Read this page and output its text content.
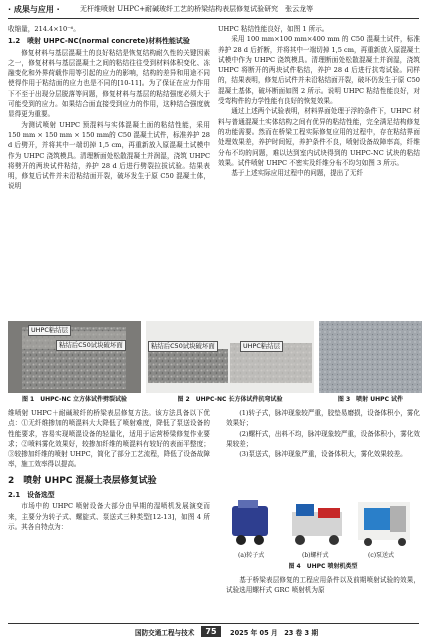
· 成果与应用 ·	无杆维喷射 UHPC+耐碱玻纤工艺的桥梁结构表层修复试验研究　张云龙等

收缩量，214.4×10⁻⁶。

1.2　喷射 UHPC-NC(normal concrete)材料性能试验

修复材料与基层混凝土的良好粘结是恢复结构耐久性的关键因素之一，修复材料与基层混凝土之间的粘结往往受到材料体积变化、冻融变化和外界荷载作用等引起的应力的影响，结构的差异和用途不同使得作用于粘结面的应力也是不同的[10-11]。为了保证在应力作用下不至于出现分层脱落等问题，修复材料与基层的粘结强度必须大于可能受到的应力。如果结合面直接受到应力的作用，这种结合强度就显得更为重要。

为测试喷射 UHPC 预混料与实体混凝土面的粘结性能，采用 150 mm × 150 mm × 150 mm的 C50 混凝土试件，标准养护 28 d 后劈开，并将其中一端切掉 1,5 cm，再重新放入原混凝土试模中作为 UHPC 浇筑模具。清理断面处松散混凝土并润湿，浇筑 UHPC 将劈开的两块试件粘结，养护 28 d 后进行劈裂拉拔试验。结果表明，修复后试件并未沿粘结面开裂，破坏发生于原 C50 混凝土体，说明

UHPC 粘结性能良好，如图 1 所示。

采用 100 mm×100 mm×400 mm 的 C50 混凝土试件，标准养护 28 d 后折断，并将其中一端切掉 1,5 cm，再重新放入原混凝土试模中作为 UHPC 浇筑模具。清理断面处松散混凝土并润湿，浇筑 UHPC 将断开的两块试件粘结，养护 28 d 后进行抗弯试验。同样的，结果表明，修复后试件并未沿粘结面开裂，破坏仍发生于原 C50 混凝土基体，破坏断面如图 2 所示。说明 UHPC 粘结性能良好，对受弯构件的力学性能有良好的恢复效果。

通过上述两个试验表明，材料界面处理于浮的条件下，UHPC 材料与普通混凝土实体结构之间有优异的粘结性能，完全满足结构修复的功能需要。然而在桥梁工程实际修复应用的过程中，存在粘结界面处理效果差，养护时间短，养护条件不良，喷射设备故障率高，纤维分布不均的问题，难以达到室内试块得到的 UHPC-NC 试块的粘结效果。试件喷射 UHPC 不密实及纤维分布不均匀如图 3 所示。

基于上述实际应用过程中的问题，提出了无纤

UHPC粘结层
粘结后C50试块破坏面	粘结后C50试块破坏面	UHPC粘结层
图 1　UHPC-NC 立方体试件劈裂试验	图 2　UHPC-NC 长方体试件抗弯试验	图 3　喷射 UHPC 试件

维喷射 UHPC＋耐碱玻纤的桥梁表层修复方法。该方法具备以下优点：①无纤维掺加的喷混料大大降低了喷射难度，降低了泵送设备的性能要求，容易实现喷混设备的轻量化，适用于运营桥梁修复作业要求；②喷料雾化效果好，较掺加纤维的喷混料有较好的表面平整度；③较掺加纤维的喷射 UHPC，简化了部分工艺流程，降低了设备故障率，施工效率得以提高。

2　喷射 UHPC 混凝土表层修复试验
2.1　设备选型

市场中的 UHPC 喷射设备大部分由早期的湿喷机发展演变而来，主要分为转子式、螺旋式、泵送式三种类型[12-13]，如图 4 所示。其各自特点为：

(1)转子式，脉冲现象较严重，胶垫易磨损，设备体积小，雾化效果好；

(2)螺杆式，出料不均，脉冲现象较严重，设备体积小，雾化效果较差；

(3)泵送式，脉冲现象严重，设备体积大，雾化效果较差。

(a)转子式	(b)螺杆式	(c)泵送式
图 4　UHPC 喷射机类型

基于桥梁表层修复的工程应用条件以及前期喷射试验的效果，试验选用螺杆式 GRC 喷射机为原

国防交通工程与技术	75	2025 年 05 月　23 卷 3 期
